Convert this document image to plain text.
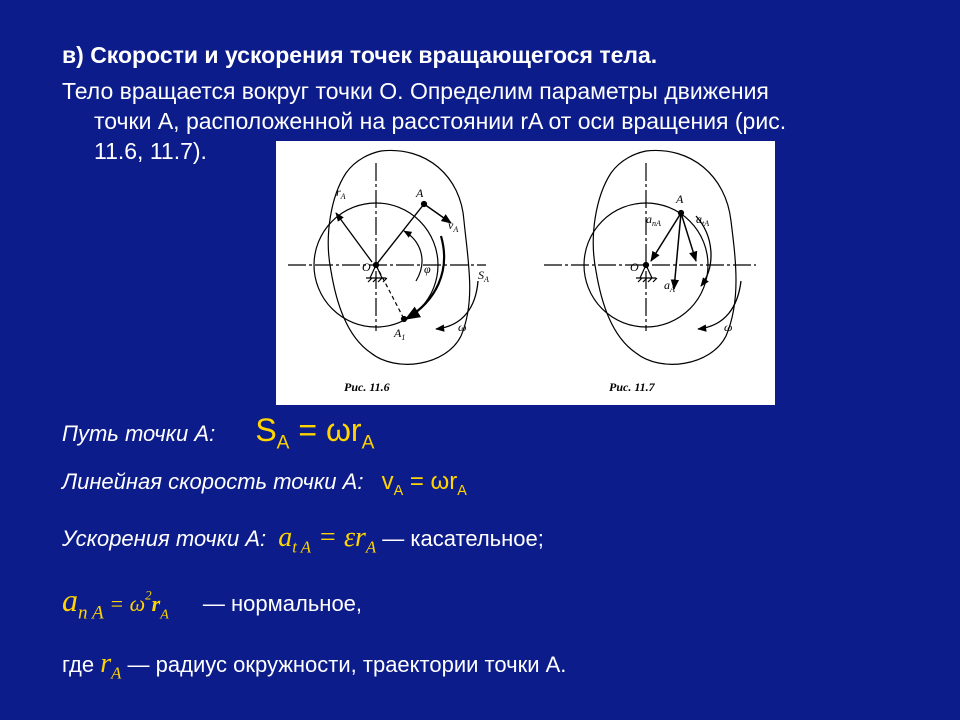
в) Скорости и ускорения точек вращающегося тела.
Тело вращается вокруг точки О. Определим параметры движения
точки А, расположенной на расстоянии rA от оси вращения (рис.
11.6, 11.7).
$r_A$	A
$v_A$
O	φ	$S_A$
$A_1$
ω
Рис. 11.6
A
$a_{nA}$	$a_{tA}$
O
$a_A$
ω
Рис. 11.7
Путь точки А: $S_A = \omega r_A$
Линейная скорость точки А: $v_A = \omega r_A$
Ускорения точки А: $a_{t A} = \varepsilon r_A$ — касательное;
$a_{n A} = \omega^2r_A$ — нормальное,
где $r_A$ — радиус окружности, траектории точки А.
